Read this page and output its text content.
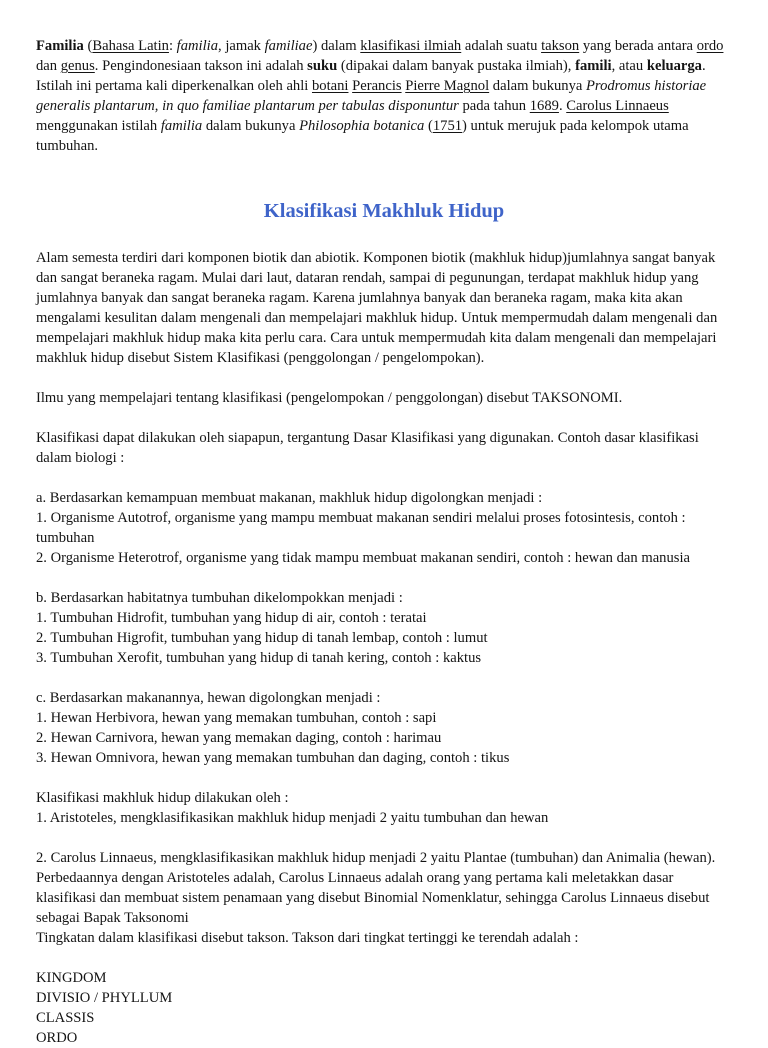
Familia (Bahasa Latin: familia, jamak familiae) dalam klasifikasi ilmiah adalah suatu takson yang berada antara ordo dan genus. Pengindonesiaan takson ini adalah suku (dipakai dalam banyak pustaka ilmiah), famili, atau keluarga. Istilah ini pertama kali diperkenalkan oleh ahli botani Perancis Pierre Magnol dalam bukunya Prodromus historiae generalis plantarum, in quo familiae plantarum per tabulas disponuntur pada tahun 1689. Carolus Linnaeus menggunakan istilah familia dalam bukunya Philosophia botanica (1751) untuk merujuk pada kelompok utama tumbuhan.

Klasifikasi Makhluk Hidup

Alam semesta terdiri dari komponen biotik dan abiotik. Komponen biotik (makhluk hidup)jumlahnya sangat banyak dan sangat beraneka ragam. Mulai dari laut, dataran rendah, sampai di pegunungan, terdapat makhluk hidup yang jumlahnya banyak dan sangat beraneka ragam. Karena jumlahnya banyak dan beraneka ragam, maka kita akan mengalami kesulitan dalam mengenali dan mempelajari makhluk hidup. Untuk mempermudah dalam mengenali dan mempelajari makhluk hidup maka kita perlu cara. Cara untuk mempermudah kita dalam mengenali dan mempelajari makhluk hidup disebut Sistem Klasifikasi (penggolongan / pengelompokan).

Ilmu yang mempelajari tentang klasifikasi (pengelompokan / penggolongan) disebut TAKSONOMI.

Klasifikasi dapat dilakukan oleh siapapun, tergantung Dasar Klasifikasi yang digunakan. Contoh dasar klasifikasi dalam biologi :

a. Berdasarkan kemampuan membuat makanan, makhluk hidup digolongkan menjadi :

1. Organisme Autotrof, organisme yang mampu membuat makanan sendiri melalui proses fotosintesis, contoh : tumbuhan

2. Organisme Heterotrof, organisme yang tidak mampu membuat makanan sendiri, contoh : hewan dan manusia

b. Berdasarkan habitatnya tumbuhan dikelompokkan menjadi :

1. Tumbuhan Hidrofit, tumbuhan yang hidup di air, contoh : teratai

2. Tumbuhan Higrofit, tumbuhan yang hidup di tanah lembap, contoh : lumut

3. Tumbuhan Xerofit, tumbuhan yang hidup di tanah kering, contoh : kaktus

c. Berdasarkan makanannya, hewan digolongkan menjadi :

1. Hewan Herbivora, hewan yang memakan tumbuhan, contoh : sapi

2. Hewan Carnivora, hewan yang memakan daging, contoh : harimau

3. Hewan Omnivora, hewan yang memakan tumbuhan dan daging, contoh : tikus

Klasifikasi makhluk hidup dilakukan oleh :

1. Aristoteles, mengklasifikasikan makhluk hidup menjadi 2 yaitu tumbuhan dan hewan

2. Carolus Linnaeus, mengklasifikasikan makhluk hidup menjadi 2 yaitu Plantae (tumbuhan) dan Animalia (hewan). Perbedaannya dengan Aristoteles adalah, Carolus Linnaeus adalah orang yang pertama kali meletakkan dasar klasifikasi dan membuat sistem penamaan yang disebut Binomial Nomenklatur, sehingga Carolus Linnaeus disebut sebagai Bapak Taksonomi

Tingkatan dalam klasifikasi disebut takson. Takson dari tingkat tertinggi ke terendah adalah :

KINGDOM

DIVISIO / PHYLLUM

CLASSIS

ORDO
